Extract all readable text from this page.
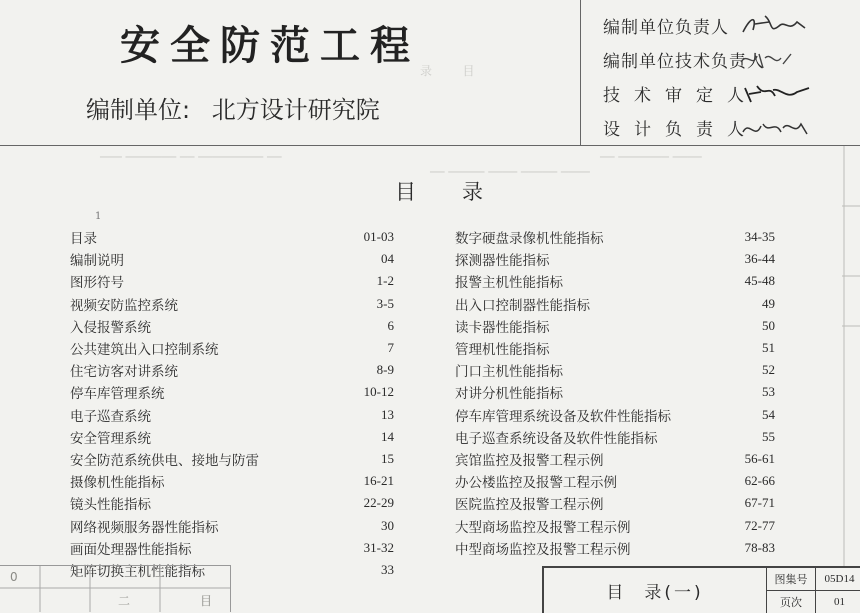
录        目
─── ─────── ── ───────── ──	── ─────── ────
── ───── ──── ───── ────
安全防范工程
编制单位: 北方设计研究院
编制单位负责人
编制单位技术负责人
技术审定人
设计负责人
目录
1
目录	01-03
编制说明	04
图形符号	1-2
视频安防监控系统	3-5
入侵报警系统	6
公共建筑出入口控制系统	7
住宅访客对讲系统	8-9
停车库管理系统	10-12
电子巡查系统	13
安全管理系统	14
安全防范系统供电、接地与防雷	15
摄像机性能指标	16-21
镜头性能指标	22-29
网络视频服务器性能指标	30
画面处理器性能指标	31-32
矩阵切换主机性能指标	33
数字硬盘录像机性能指标	34-35
探测器性能指标	36-44
报警主机性能指标	45-48
出入口控制器性能指标	49
读卡器性能指标	50
管理机性能指标	51
门口主机性能指标	52
对讲分机性能指标	53
停车库管理系统设备及软件性能指标	54
电子巡查系统设备及软件性能指标	55
宾馆监控及报警工程示例	56-61
办公楼监控及报警工程示例	62-66
医院监控及报警工程示例	67-71
大型商场监控及报警工程示例	72-77
中型商场监控及报警工程示例	78-83
二	目
0
目 录(一)
图集号	05D14
页次	01
